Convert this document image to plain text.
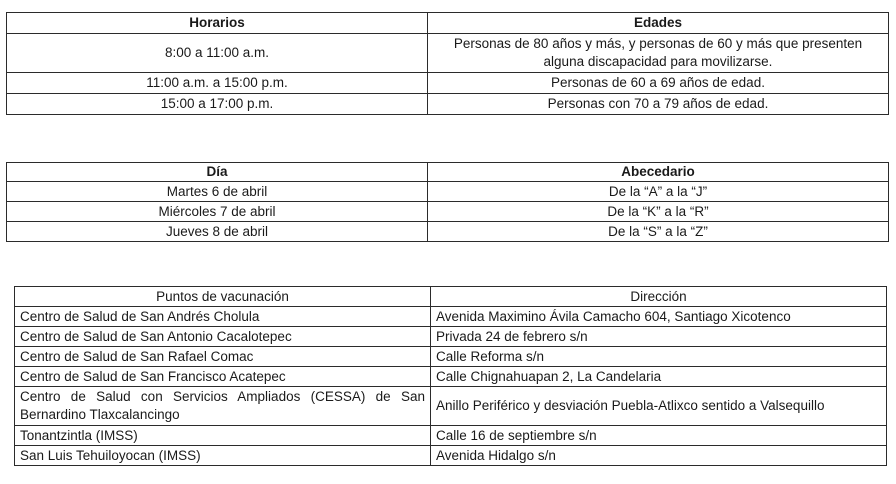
Horarios	Edades
8:00 a 11:00 a.m.	Personas de 80 años y más, y personas de 60 y más que presenten alguna discapacidad para movilizarse.
11:00 a.m. a 15:00 p.m.	Personas de 60 a 69 años de edad.
15:00 a 17:00 p.m.	Personas con 70 a 79 años de edad.
Día	Abecedario
Martes 6 de abril	De la “A” a la “J”
Miércoles 7 de abril	De la “K” a la “R”
Jueves 8 de abril	De la “S” a la “Z”
Puntos de vacunación	Dirección
Centro de Salud de San Andrés Cholula	Avenida Maximino Ávila Camacho 604, Santiago Xicotenco
Centro de Salud de San Antonio Cacalotepec	Privada 24 de febrero s/n
Centro de Salud de San Rafael Comac	Calle Reforma s/n
Centro de Salud de San Francisco Acatepec	Calle Chignahuapan 2, La Candelaria
Centro de Salud con Servicios Ampliados (CESSA) de San Bernardino Tlaxcalancingo	Anillo Periférico y desviación Puebla-Atlixco sentido a Valsequillo
Tonantzintla (IMSS)	Calle 16 de septiembre s/n
San Luis Tehuiloyocan (IMSS)	Avenida Hidalgo s/n
